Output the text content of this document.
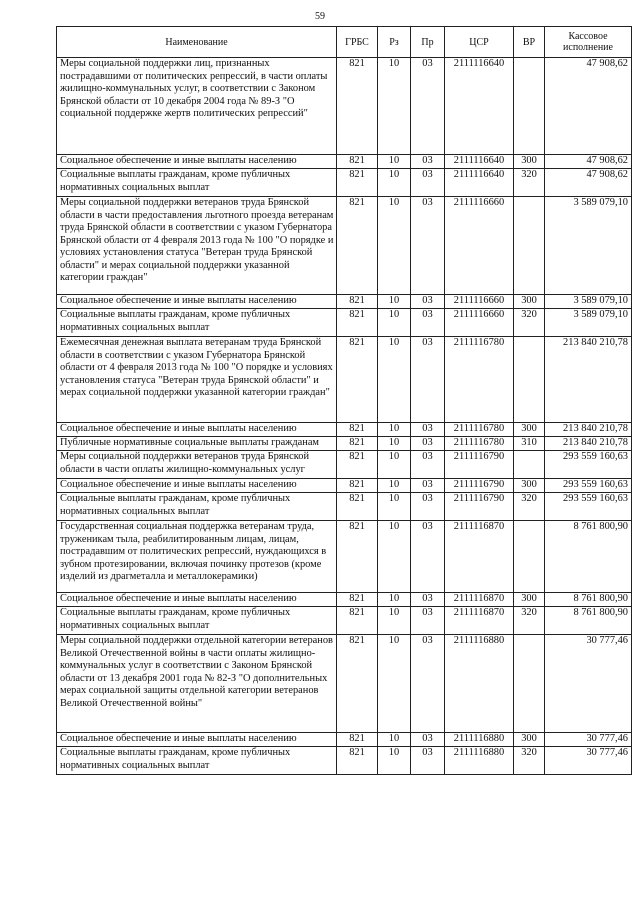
59
Наименование	ГРБС	Рз	Пр	ЦСР	ВР	Кассовое исполнение
Меры социальной поддержки лиц, признанных пострадавшими от политических репрессий, в части оплаты жилищно-коммунальных услуг, в соответствии с Законом Брянской области от 10 декабря 2004 года № 89-З "О социальной поддержке жертв политических репрессий"	821	10	03	2111116640		47 908,62
Социальное обеспечение и иные выплаты населению	821	10	03	2111116640	300	47 908,62
Социальные выплаты гражданам, кроме публичных нормативных социальных выплат	821	10	03	2111116640	320	47 908,62
Меры социальной поддержки ветеранов труда Брянской области в части предоставления льготного проезда ветеранам труда Брянской области в соответствии с указом Губернатора Брянской области от 4 февраля 2013 года № 100 "О порядке и условиях установления статуса "Ветеран труда Брянской области" и мерах социальной поддержки указанной категории граждан"	821	10	03	2111116660		3 589 079,10
Социальное обеспечение и иные выплаты населению	821	10	03	2111116660	300	3 589 079,10
Социальные выплаты гражданам, кроме публичных нормативных социальных выплат	821	10	03	2111116660	320	3 589 079,10
Ежемесячная денежная выплата ветеранам труда Брянской области в соответствии с указом Губернатора Брянской области от 4 февраля 2013 года № 100 "О порядке и условиях установления статуса "Ветеран труда Брянской области" и мерах социальной поддержки указанной категории граждан"	821	10	03	2111116780		213 840 210,78
Социальное обеспечение и иные выплаты населению	821	10	03	2111116780	300	213 840 210,78
Публичные нормативные социальные выплаты гражданам	821	10	03	2111116780	310	213 840 210,78
Меры социальной поддержки ветеранов труда Брянской области в части оплаты жилищно-коммунальных услуг	821	10	03	2111116790		293 559 160,63
Социальное обеспечение и иные выплаты населению	821	10	03	2111116790	300	293 559 160,63
Социальные выплаты гражданам, кроме публичных нормативных социальных выплат	821	10	03	2111116790	320	293 559 160,63
Государственная социальная поддержка ветеранам труда, труженикам тыла, реабилитированным лицам, лицам, пострадавшим от политических репрессий, нуждающихся в зубном протезировании, включая починку протезов (кроме изделий из драгметалла и металлокерамики)	821	10	03	2111116870		8 761 800,90
Социальное обеспечение и иные выплаты населению	821	10	03	2111116870	300	8 761 800,90
Социальные выплаты гражданам, кроме публичных нормативных социальных выплат	821	10	03	2111116870	320	8 761 800,90
Меры социальной поддержки отдельной категории ветеранов Великой Отечественной войны в части оплаты жилищно-коммунальных услуг в соответствии с Законом Брянской области от 13 декабря 2001 года № 82-З "О дополнительных мерах социальной защиты отдельной категории ветеранов Великой Отечественной войны"	821	10	03	2111116880		30 777,46
Социальное обеспечение и иные выплаты населению	821	10	03	2111116880	300	30 777,46
Социальные выплаты гражданам, кроме публичных нормативных социальных выплат	821	10	03	2111116880	320	30 777,46
